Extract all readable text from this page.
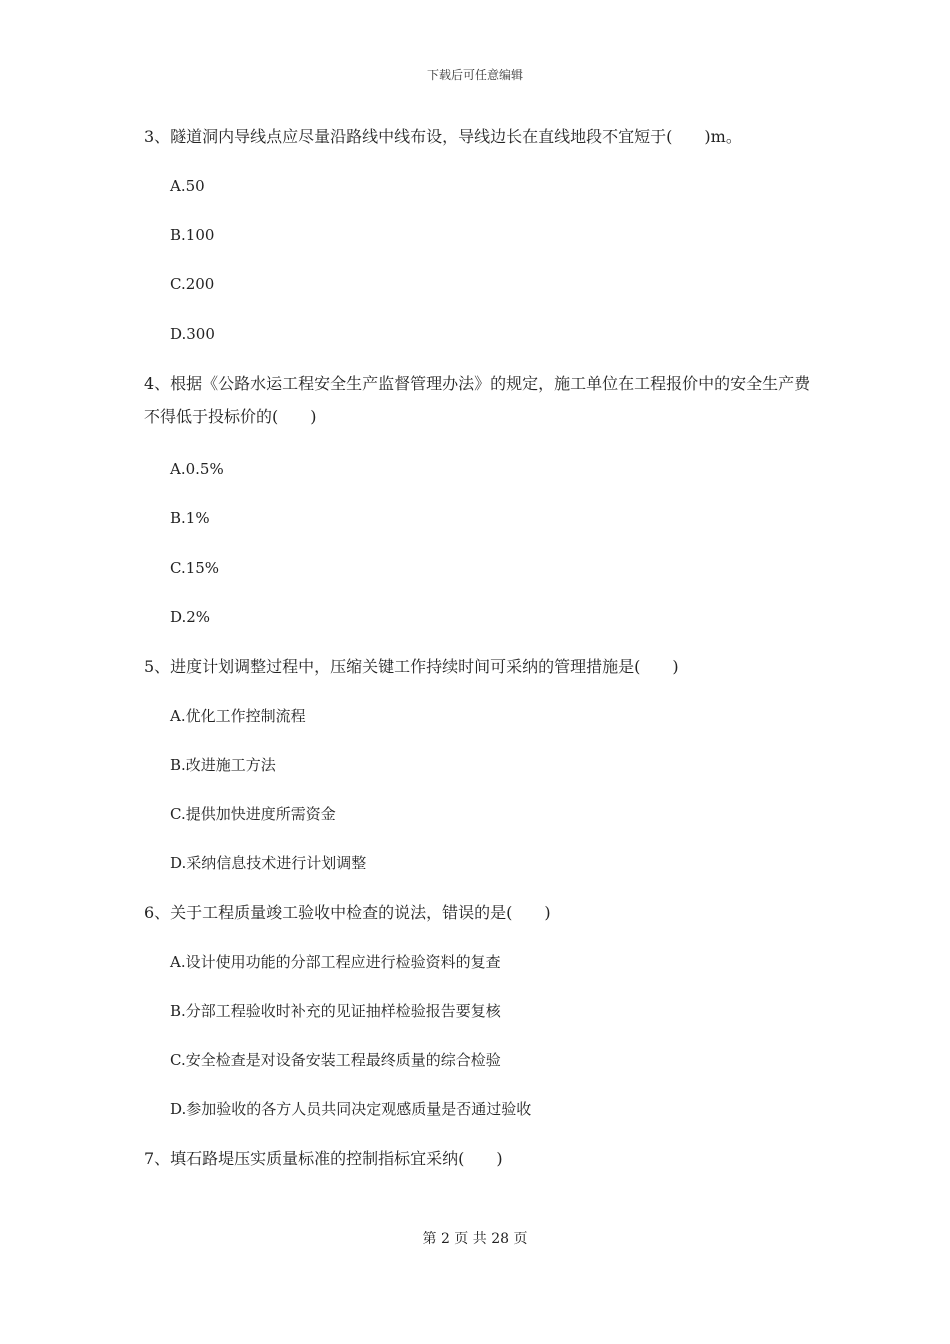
下载后可任意编辑
3、隧道洞内导线点应尽量沿路线中线布设，导线边长在直线地段不宜短于(　　)m。
A.50
B.100
C.200
D.300
4、根据《公路水运工程安全生产监督管理办法》的规定，施工单位在工程报价中的安全生产费不得低于投标价的(　　)
A.0.5%
B.1%
C.15%
D.2%
5、进度计划调整过程中，压缩关键工作持续时间可采纳的管理措施是(　　)
A.优化工作控制流程
B.改进施工方法
C.提供加快进度所需资金
D.采纳信息技术进行计划调整
6、关于工程质量竣工验收中检查的说法，错误的是(　　)
A.设计使用功能的分部工程应进行检验资料的复查
B.分部工程验收时补充的见证抽样检验报告要复核
C.安全检查是对设备安装工程最终质量的综合检验
D.参加验收的各方人员共同决定观感质量是否通过验收
7、填石路堤压实质量标准的控制指标宜采纳(　　)
第 2 页 共 28 页
